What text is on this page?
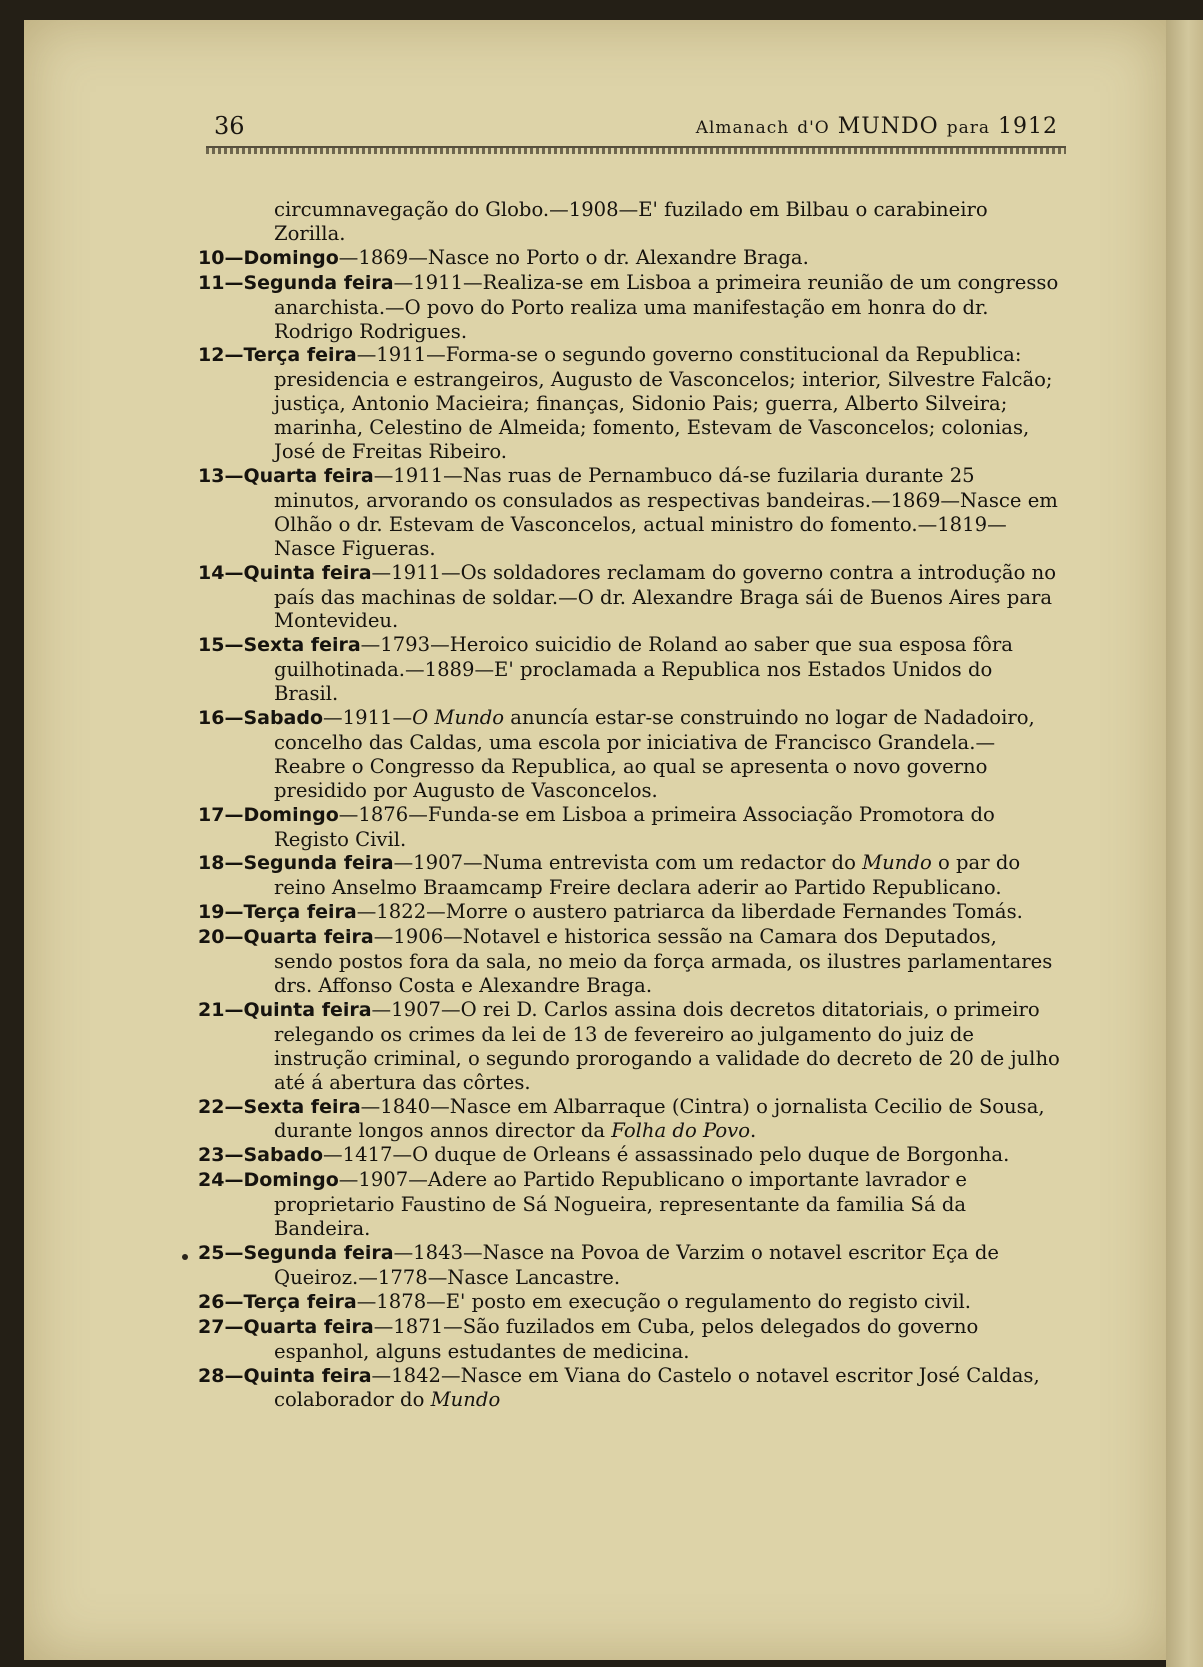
36	Almanach d'O MUNDO para 1912

circumnavegação do Globo.—1908—E' fuzilado em Bilbau o carabineiro Zorilla.

10—Domingo—1869—Nasce no Porto o dr. Alexandre Braga.

11—Segunda feira—1911—Realiza-se em Lisboa a primeira reunião de um congresso anarchista.—O povo do Porto realiza uma manifestação em honra do dr. Rodrigo Rodrigues.

12—Terça feira—1911—Forma-se o segundo governo constitucional da Republica: presidencia e estrangeiros, Augusto de Vasconcelos; interior, Silvestre Falcão; justiça, Antonio Macieira; finanças, Sidonio Pais; guerra, Alberto Silveira; marinha, Celestino de Almeida; fomento, Estevam de Vasconcelos; colonias, José de Freitas Ribeiro.

13—Quarta feira—1911—Nas ruas de Pernambuco dá-se fuzilaria durante 25 minutos, arvorando os consulados as respectivas bandeiras.—1869—Nasce em Olhão o dr. Estevam de Vasconcelos, actual ministro do fomento.—1819—Nasce Figueras.

14—Quinta feira—1911—Os soldadores reclamam do governo contra a introdução no país das machinas de soldar.—O dr. Alexandre Braga sái de Buenos Aires para Montevideu.

15—Sexta feira—1793—Heroico suicidio de Roland ao saber que sua esposa fôra guilhotinada.—1889—E' proclamada a Republica nos Estados Unidos do Brasil.

16—Sabado—1911—O Mundo anuncía estar-se construindo no logar de Nadadoiro, concelho das Caldas, uma escola por iniciativa de Francisco Grandela.—Reabre o Congresso da Republica, ao qual se apresenta o novo governo presidido por Augusto de Vasconcelos.

17—Domingo—1876—Funda-se em Lisboa a primeira Associação Promotora do Registo Civil.

18—Segunda feira—1907—Numa entrevista com um redactor do Mundo o par do reino Anselmo Braamcamp Freire declara aderir ao Partido Republicano.

19—Terça feira—1822—Morre o austero patriarca da liberdade Fernandes Tomás.

20—Quarta feira—1906—Notavel e historica sessão na Camara dos Deputados, sendo postos fora da sala, no meio da força armada, os ilustres parlamentares drs. Affonso Costa e Alexandre Braga.

21—Quinta feira—1907—O rei D. Carlos assina dois decretos ditatoriais, o primeiro relegando os crimes da lei de 13 de fevereiro ao julgamento do juiz de instrução criminal, o segundo prorogando a validade do decreto de 20 de julho até á abertura das côrtes.

22—Sexta feira—1840—Nasce em Albarraque (Cintra) o jornalista Cecilio de Sousa, durante longos annos director da Folha do Povo.

23—Sabado—1417—O duque de Orleans é assassinado pelo duque de Borgonha.

24—Domingo—1907—Adere ao Partido Republicano o importante lavrador e proprietario Faustino de Sá Nogueira, representante da familia Sá da Bandeira.

25—Segunda feira—1843—Nasce na Povoa de Varzim o notavel escritor Eça de Queiroz.—1778—Nasce Lancastre.

26—Terça feira—1878—E' posto em execução o regulamento do registo civil.

27—Quarta feira—1871—São fuzilados em Cuba, pelos delegados do governo espanhol, alguns estudantes de medicina.

28—Quinta feira—1842—Nasce em Viana do Castelo o notavel escritor José Caldas, colaborador do Mundo
